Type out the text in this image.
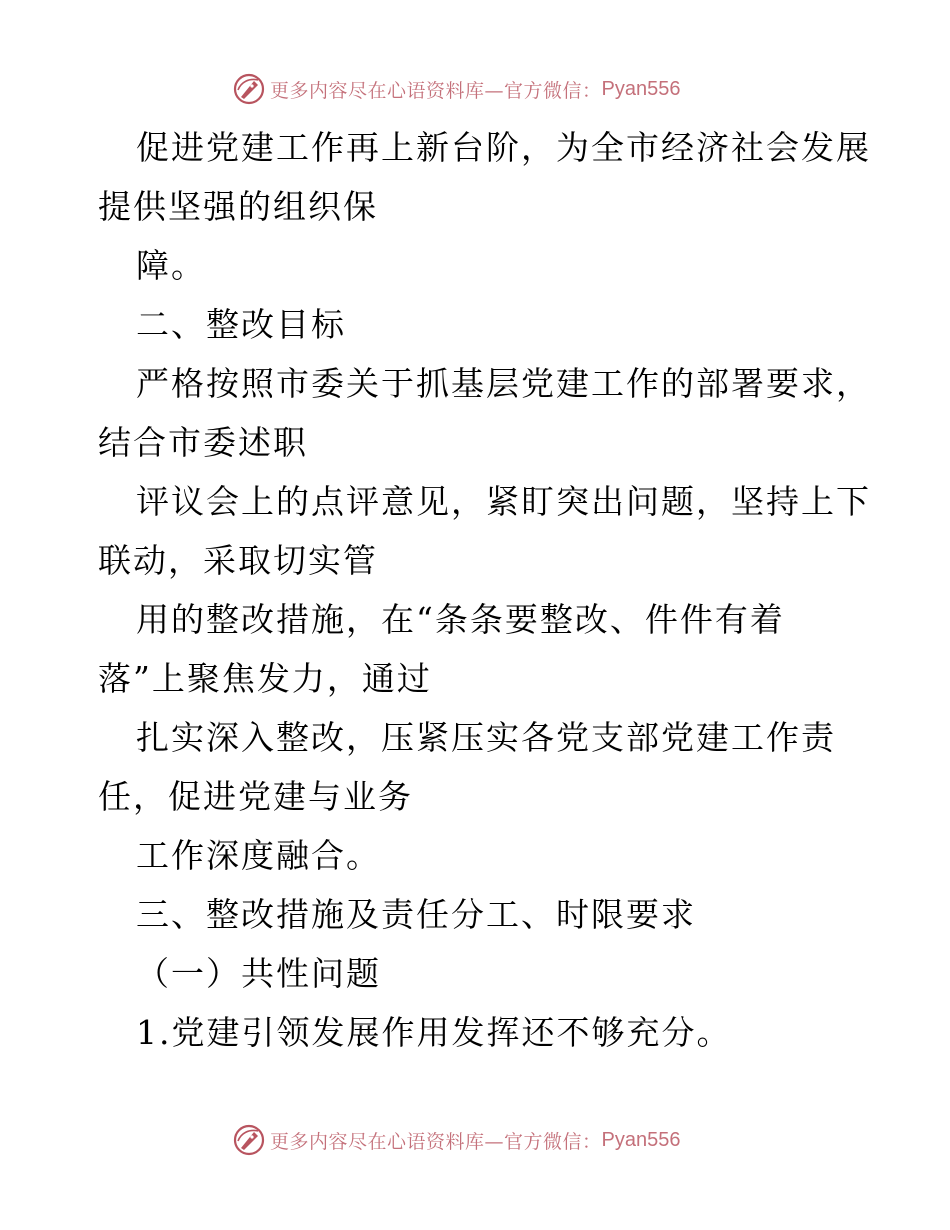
更多内容尽在心语资料库—官方微信： Pyan556
促进党建工作再上新台阶，为全市经济社会发展
提供坚强的组织保
障。
二、整改目标
严格按照市委关于抓基层党建工作的部署要求，
结合市委述职
评议会上的点评意见，紧盯突出问题，坚持上下
联动，采取切实管
用的整改措施，在“条条要整改、件件有着
落”上聚焦发力，通过
扎实深入整改，压紧压实各党支部党建工作责
任，促进党建与业务
工作深度融合。
三、整改措施及责任分工、时限要求
（一）共性问题
1.党建引领发展作用发挥还不够充分。
更多内容尽在心语资料库—官方微信： Pyan556
